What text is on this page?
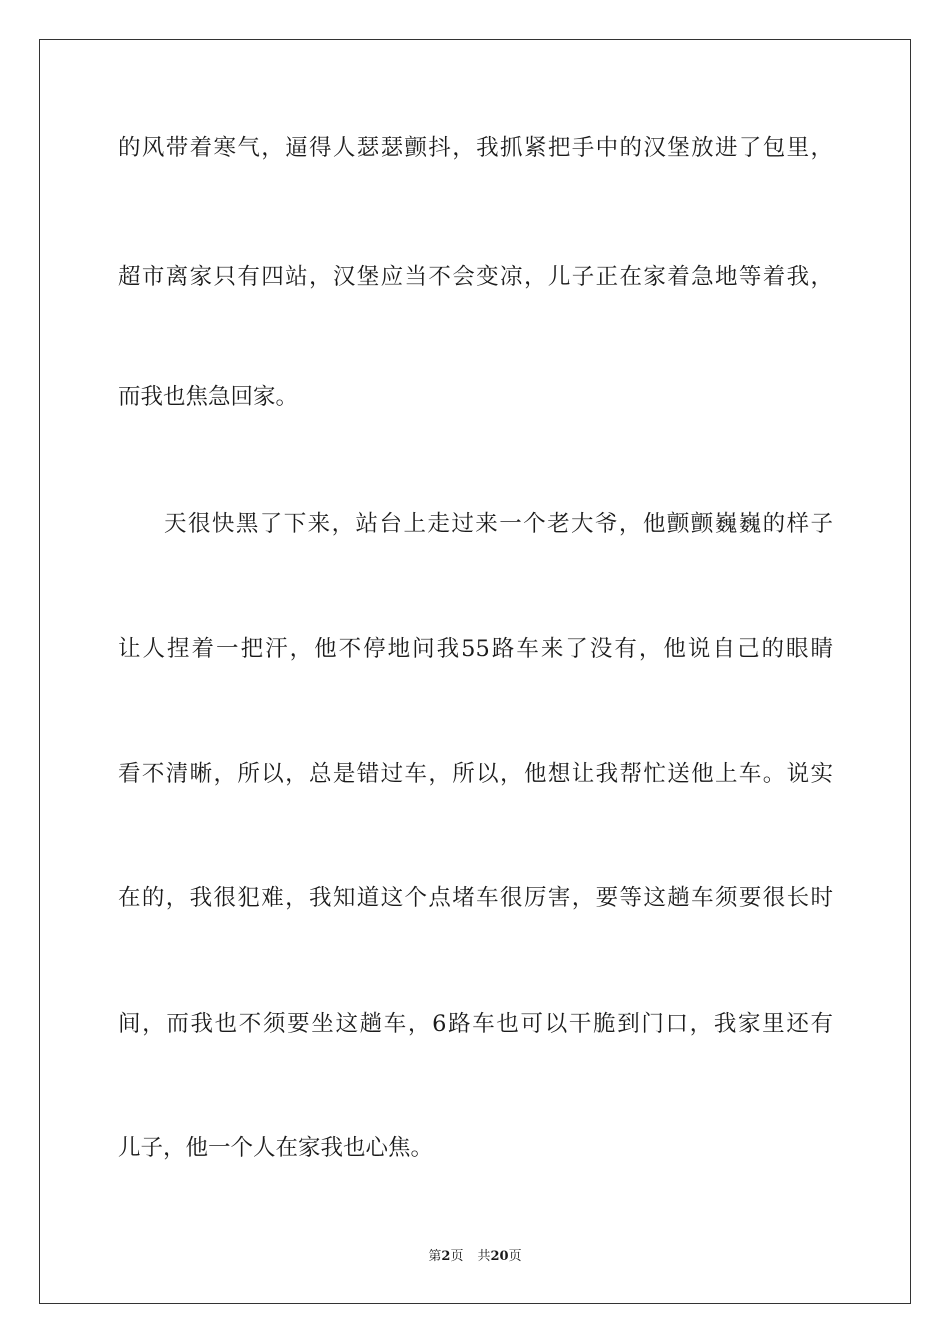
的风带着寒气，逼得人瑟瑟颤抖，我抓紧把手中的汉堡放进了包里，
超市离家只有四站，汉堡应当不会变凉，儿子正在家着急地等着我，
而我也焦急回家。
天很快黑了下来，站台上走过来一个老大爷，他颤颤巍巍的样子
让人捏着一把汗，他不停地问我55路车来了没有，他说自己的眼睛
看不清晰，所以，总是错过车，所以，他想让我帮忙送他上车。说实
在的，我很犯难，我知道这个点堵车很厉害，要等这趟车须要很长时
间，而我也不须要坐这趟车，6路车也可以干脆到门口，我家里还有
儿子，他一个人在家我也心焦。
第2页 共20页
